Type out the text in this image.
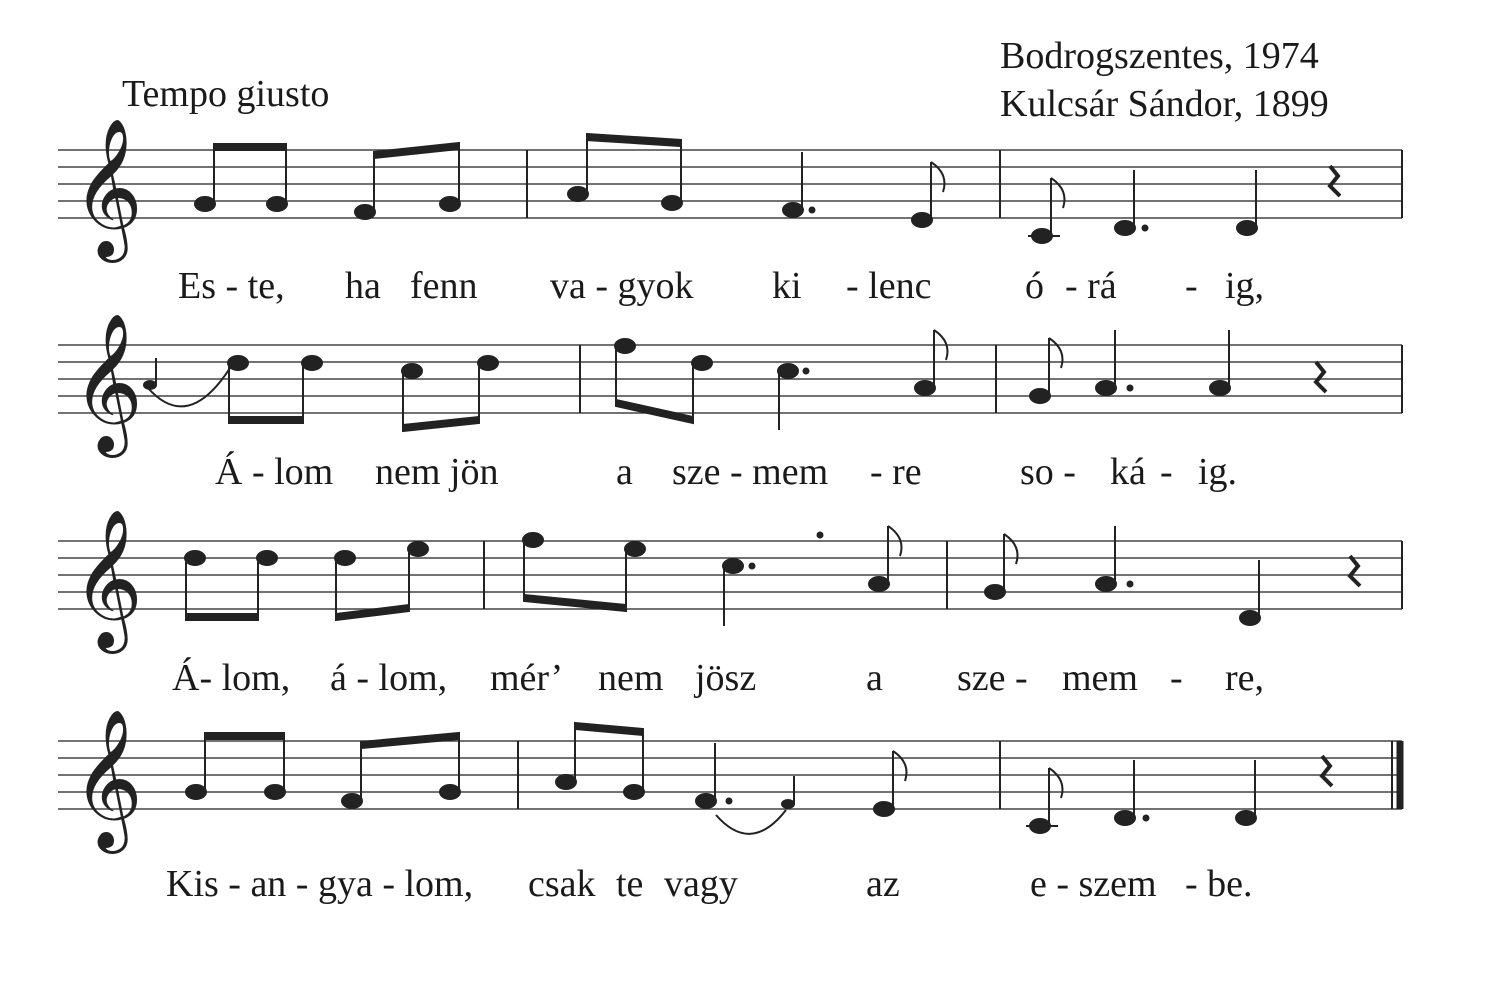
Tempo giusto
Bodrogszentes, 1974
Kulcsár Sándor, 1899
𝄞
Es - te, ha fenn va - gyok ki - lenc ó - rá - ig,
𝄞
Á - lom nem jön	a sze - mem - re	so - ká - ig.
𝄞
Á- lom, á - lom, mér’ nem jösz	a sze - mem - re,
𝄞
Kis - an - gya - lom, csak te vagy	az	e - szem - be.
